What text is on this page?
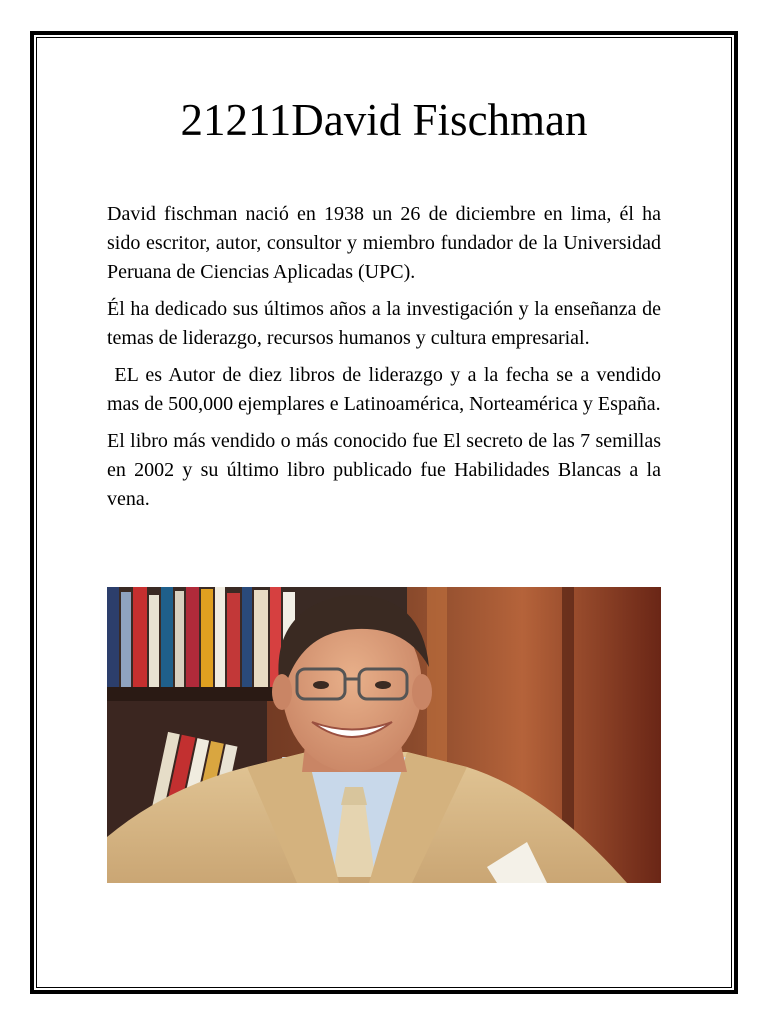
21211David Fischman

David fischman nació en 1938 un 26 de diciembre en lima, él ha sido escritor, autor, consultor y miembro fundador de la Universidad Peruana de Ciencias Aplicadas (UPC).

Él ha dedicado sus últimos años a la investigación y la enseñanza de temas de liderazgo, recursos humanos y cultura empresarial.

EL es Autor de diez libros de liderazgo y a la fecha se a vendido mas de 500,000 ejemplares e Latinoamérica, Norteamérica y España.

El libro más vendido o más conocido fue El secreto de las 7 semillas en 2002 y su último libro publicado fue Habilidades Blancas a la vena.
